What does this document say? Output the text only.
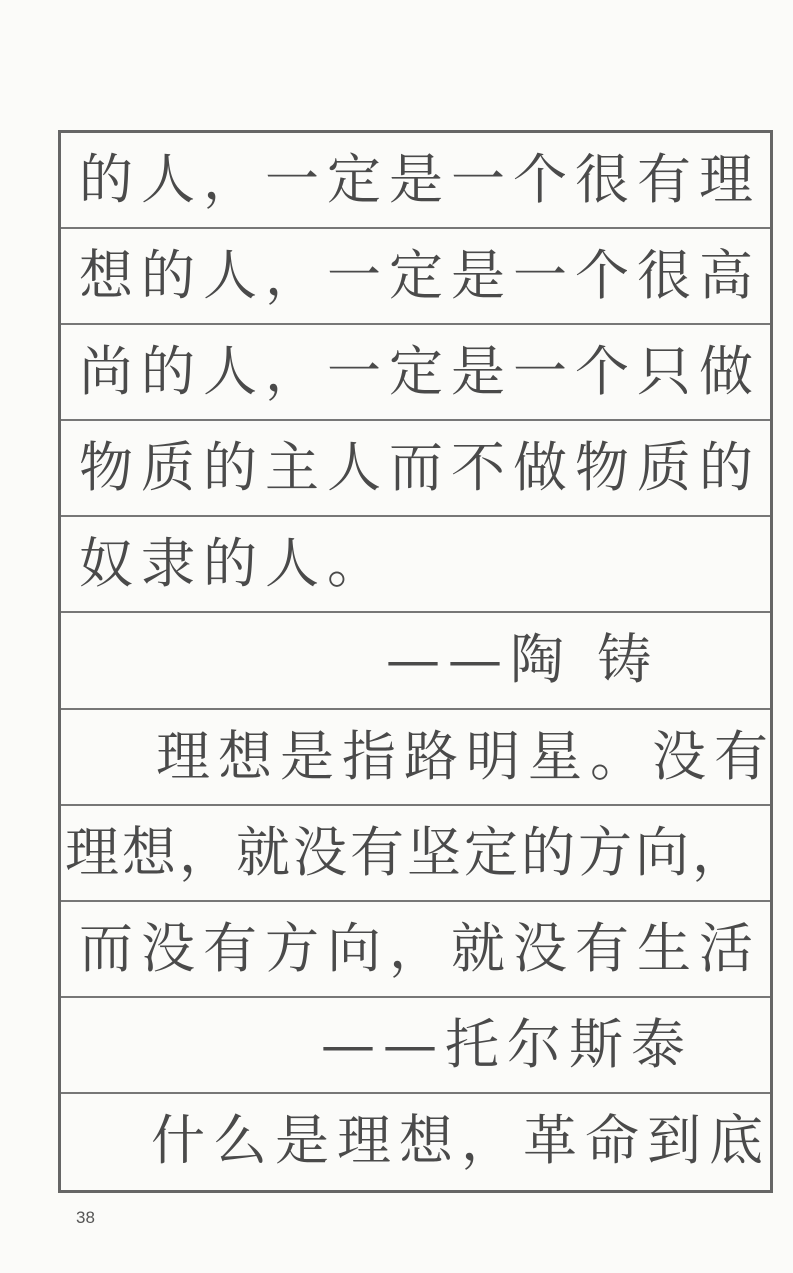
的人，一定是一个很有理
想的人，一定是一个很高
尚的人，一定是一个只做
物质的主人而不做物质的
奴隶的人。
——陶 铸
理想是指路明星。没有
理想，就没有坚定的方向，
而没有方向，就没有生活
——托尔斯泰
什么是理想，革命到底
38
